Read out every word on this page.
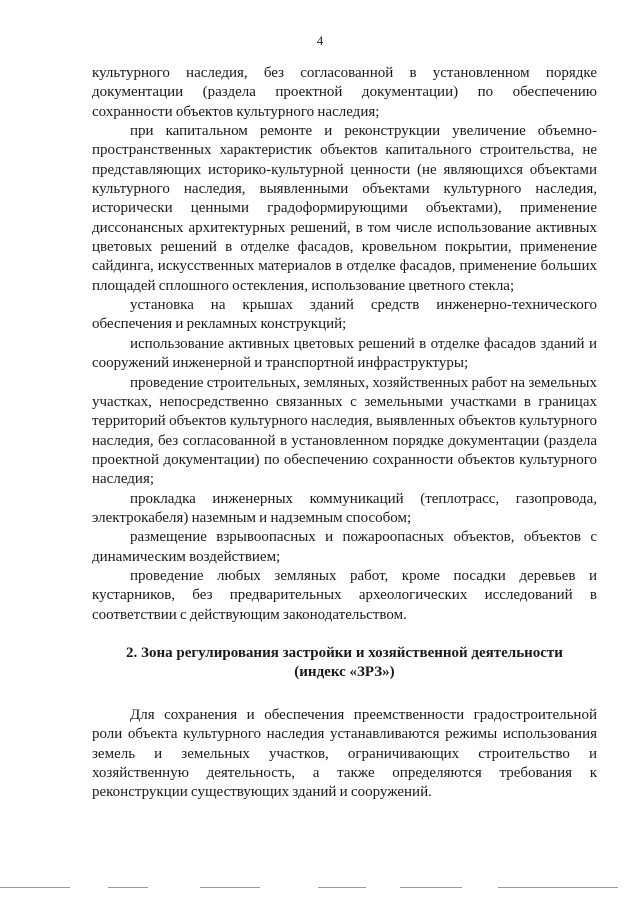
4

культурного наследия, без согласованной в установленном порядке документации (раздела проектной документации) по обеспечению сохранности объектов культурного наследия;

при капитальном ремонте и реконструкции увеличение объемно-пространственных характеристик объектов капитального строительства, не представляющих историко-культурной ценности (не являющихся объектами культурного наследия, выявленными объектами культурного наследия, исторически ценными градоформирующими объектами), применение диссонансных архитектурных решений, в том числе использование активных цветовых решений в отделке фасадов, кровельном покрытии, применение сайдинга, искусственных материалов в отделке фасадов, применение больших площадей сплошного остекления, использование цветного стекла;

установка на крышах зданий средств инженерно-технического обеспечения и рекламных конструкций;

использование активных цветовых решений в отделке фасадов зданий и сооружений инженерной и транспортной инфраструктуры;

проведение строительных, земляных, хозяйственных работ на земельных участках, непосредственно связанных с земельными участками в границах территорий объектов культурного наследия, выявленных объектов культурного наследия, без согласованной в установленном порядке документации (раздела проектной документации) по обеспечению сохранности объектов культурного наследия;

прокладка инженерных коммуникаций (теплотрасс, газопровода, электрокабеля) наземным и надземным способом;

размещение взрывоопасных и пожароопасных объектов, объектов с динамическим воздействием;

проведение любых земляных работ, кроме посадки деревьев и кустарников, без предварительных археологических исследований в соответствии с действующим законодательством.

2. Зона регулирования застройки и хозяйственной деятельности
(индекс «ЗРЗ»)

Для сохранения и обеспечения преемственности градостроительной роли объекта культурного наследия устанавливаются режимы использования земель и земельных участков, ограничивающих строительство и хозяйственную деятельность, а также определяются требования к реконструкции существующих зданий и сооружений.
